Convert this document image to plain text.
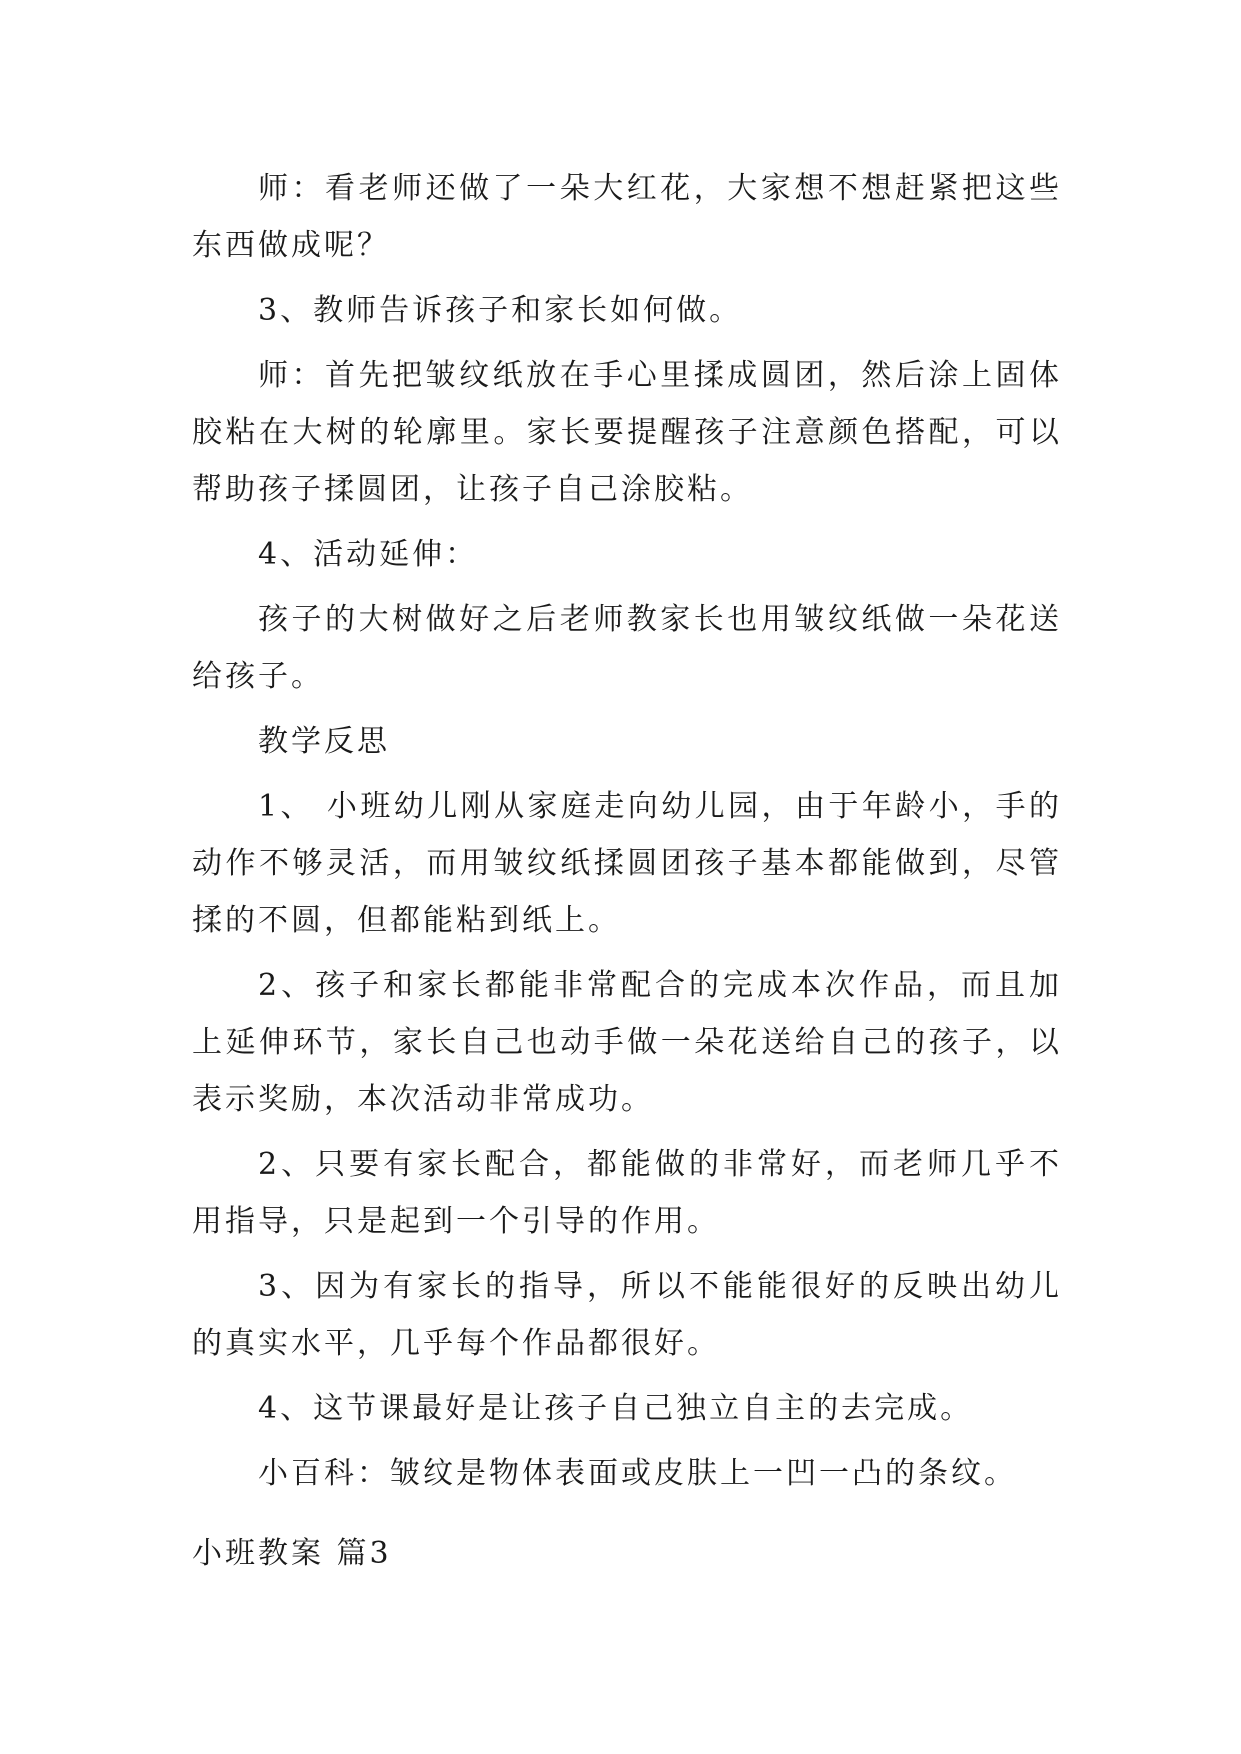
师：看老师还做了一朵大红花，大家想不想赶紧把这些东西做成呢？

3、教师告诉孩子和家长如何做。

师：首先把皱纹纸放在手心里揉成圆团，然后涂上固体胶粘在大树的轮廓里。家长要提醒孩子注意颜色搭配，可以帮助孩子揉圆团，让孩子自己涂胶粘。

4、活动延伸：

孩子的大树做好之后老师教家长也用皱纹纸做一朵花送给孩子。

教学反思

1、 小班幼儿刚从家庭走向幼儿园，由于年龄小，手的动作不够灵活，而用皱纹纸揉圆团孩子基本都能做到，尽管揉的不圆，但都能粘到纸上。

2、孩子和家长都能非常配合的完成本次作品，而且加上延伸环节，家长自己也动手做一朵花送给自己的孩子，以表示奖励，本次活动非常成功。

2、只要有家长配合，都能做的非常好，而老师几乎不用指导，只是起到一个引导的作用。

3、因为有家长的指导，所以不能能很好的反映出幼儿的真实水平，几乎每个作品都很好。

4、这节课最好是让孩子自己独立自主的去完成。

小百科：皱纹是物体表面或皮肤上一凹一凸的条纹。

小班教案 篇3
